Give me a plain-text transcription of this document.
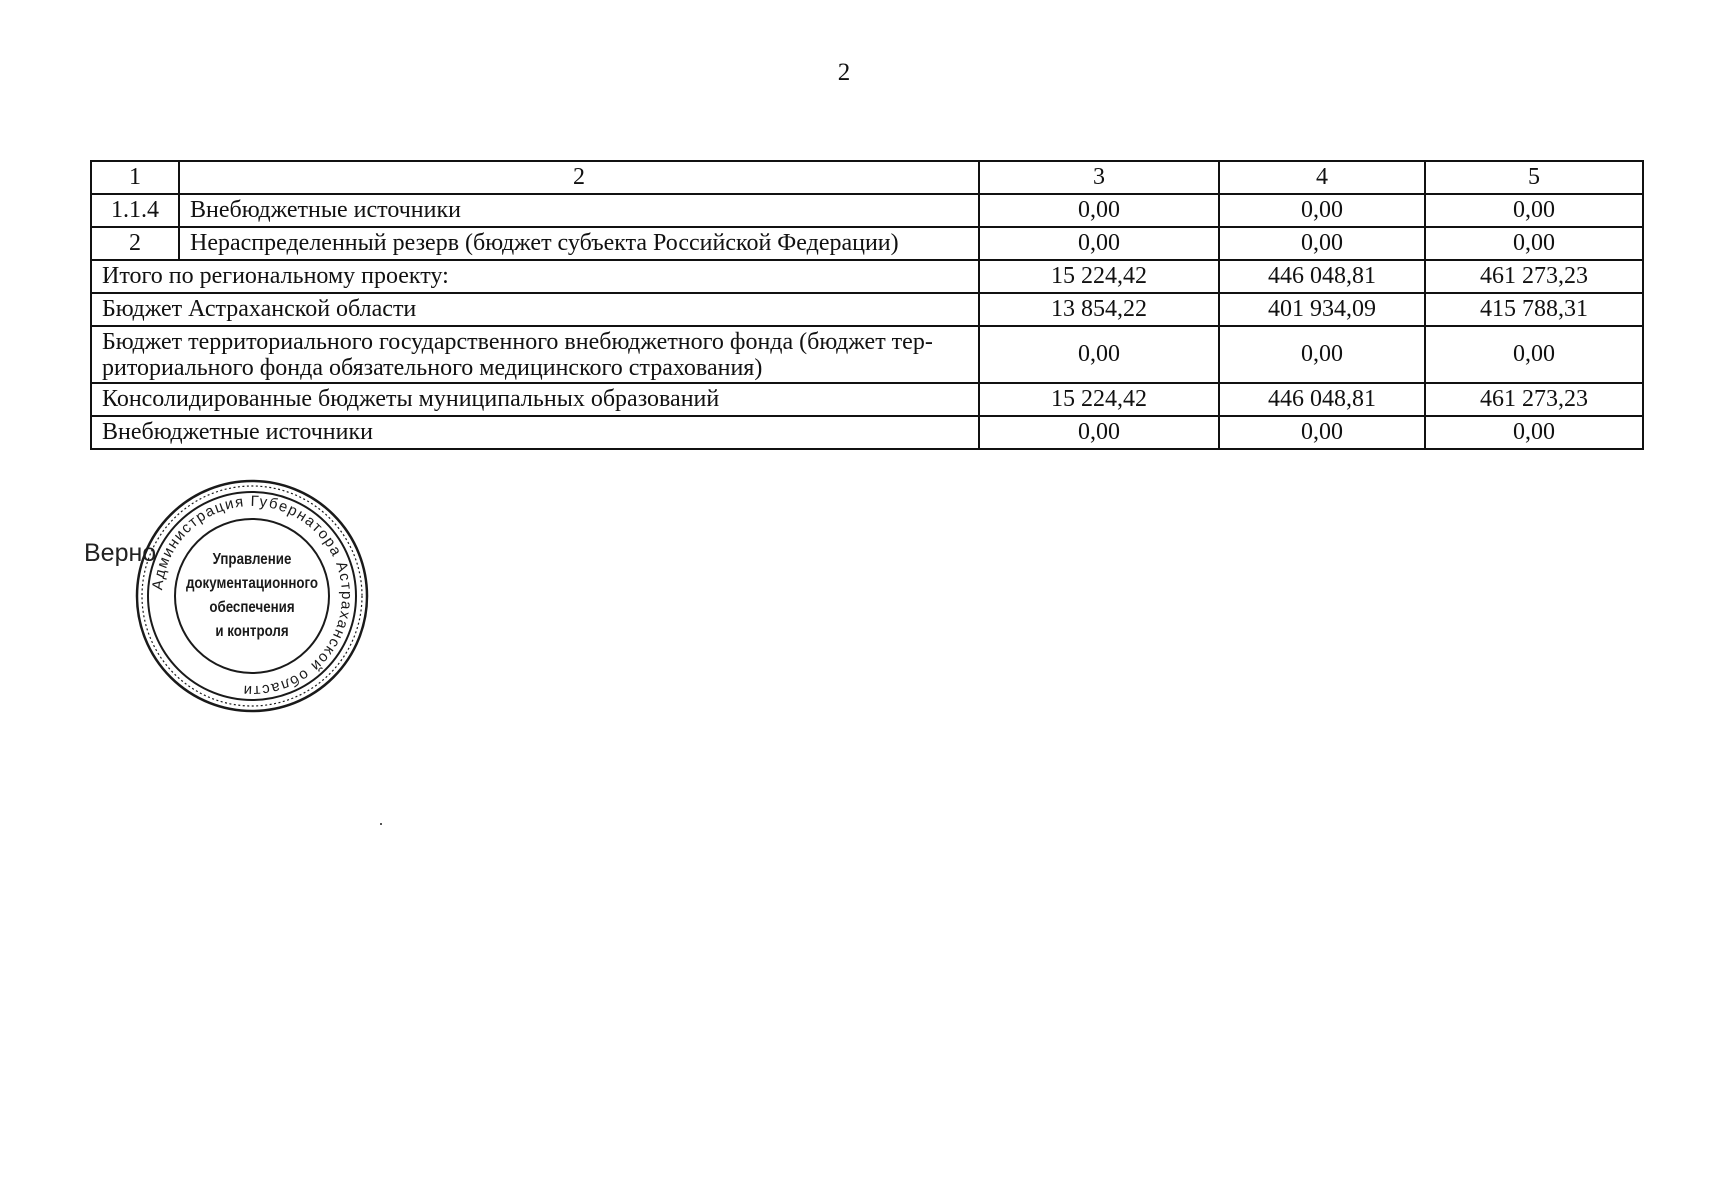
2
1	2	3	4	5
1.1.4	Внебюджетные источники	0,00	0,00	0,00
2	Нераспределенный резерв (бюджет субъекта Российской Федерации)	0,00	0,00	0,00
Итого по региональному проекту:		15 224,42	446 048,81	461 273,23
Бюджет Астраханской области		13 854,22	401 934,09	415 788,31

Бюджет территориального государственного внебюджетного фонда (бюджет тер-
риториального фонда обязательного медицинского страхования)		0,00	0,00	0,00
Консолидированные бюджеты муниципальных образований		15 224,42	446 048,81	461 273,23
Внебюджетные источники		0,00	0,00	0,00
Верно
Администрация Губернатора Астраханской области
Управление
документационного
обеспечения
и контроля
